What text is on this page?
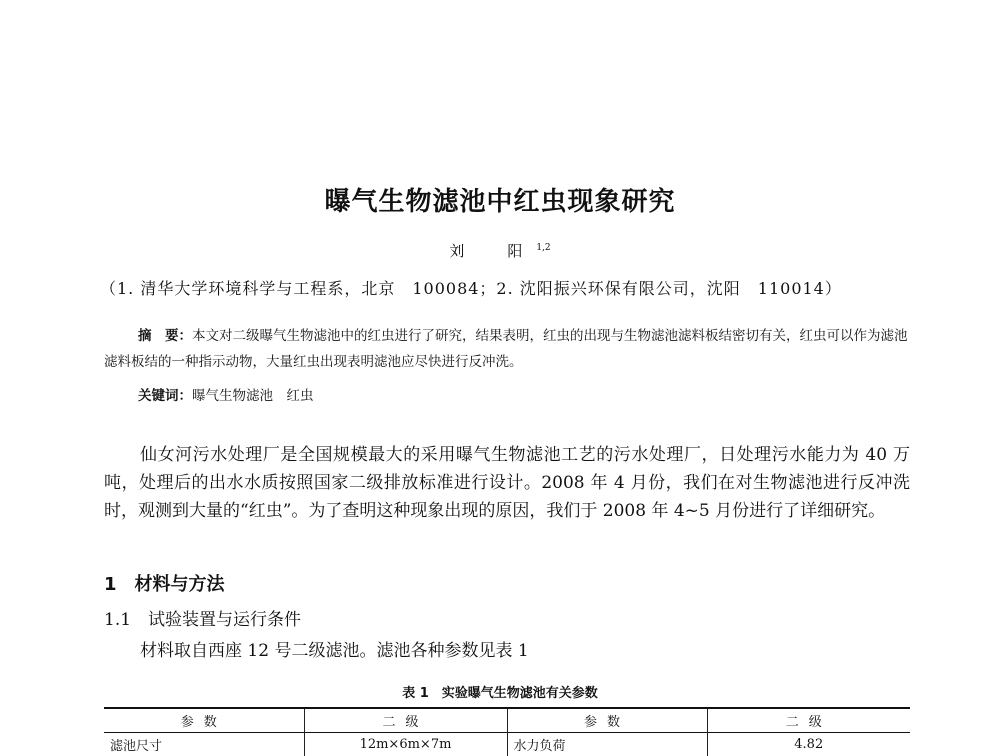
曝气生物滤池中红虫现象研究
刘　阳$^{1,2}$
（1. 清华大学环境科学与工程系，北京　100084；2. 沈阳振兴环保有限公司，沈阳　110014）

摘　要：本文对二级曝气生物滤池中的红虫进行了研究，结果表明，红虫的出现与生物滤池滤料板结密切有关，红虫可以作为滤池滤料板结的一种指示动物，大量红虫出现表明滤池应尽快进行反冲洗。

关键词：曝气生物滤池　红虫

仙女河污水处理厂是全国规模最大的采用曝气生物滤池工艺的污水处理厂，日处理污水能力为 40 万吨，处理后的出水水质按照国家二级排放标准进行设计。2008 年 4 月份，我们在对生物滤池进行反冲洗时，观测到大量的“红虫”。为了查明这种现象出现的原因，我们于 2008 年 4~5 月份进行了详细研究。

1　材料与方法
1.1　试验装置与运行条件
材料取自西座 12 号二级滤池。滤池各种参数见表 1
表 1　实验曝气生物滤池有关参数
参数	二级	参数	二级
滤池尺寸	12m×6m×7m	水力负荷	4.82
